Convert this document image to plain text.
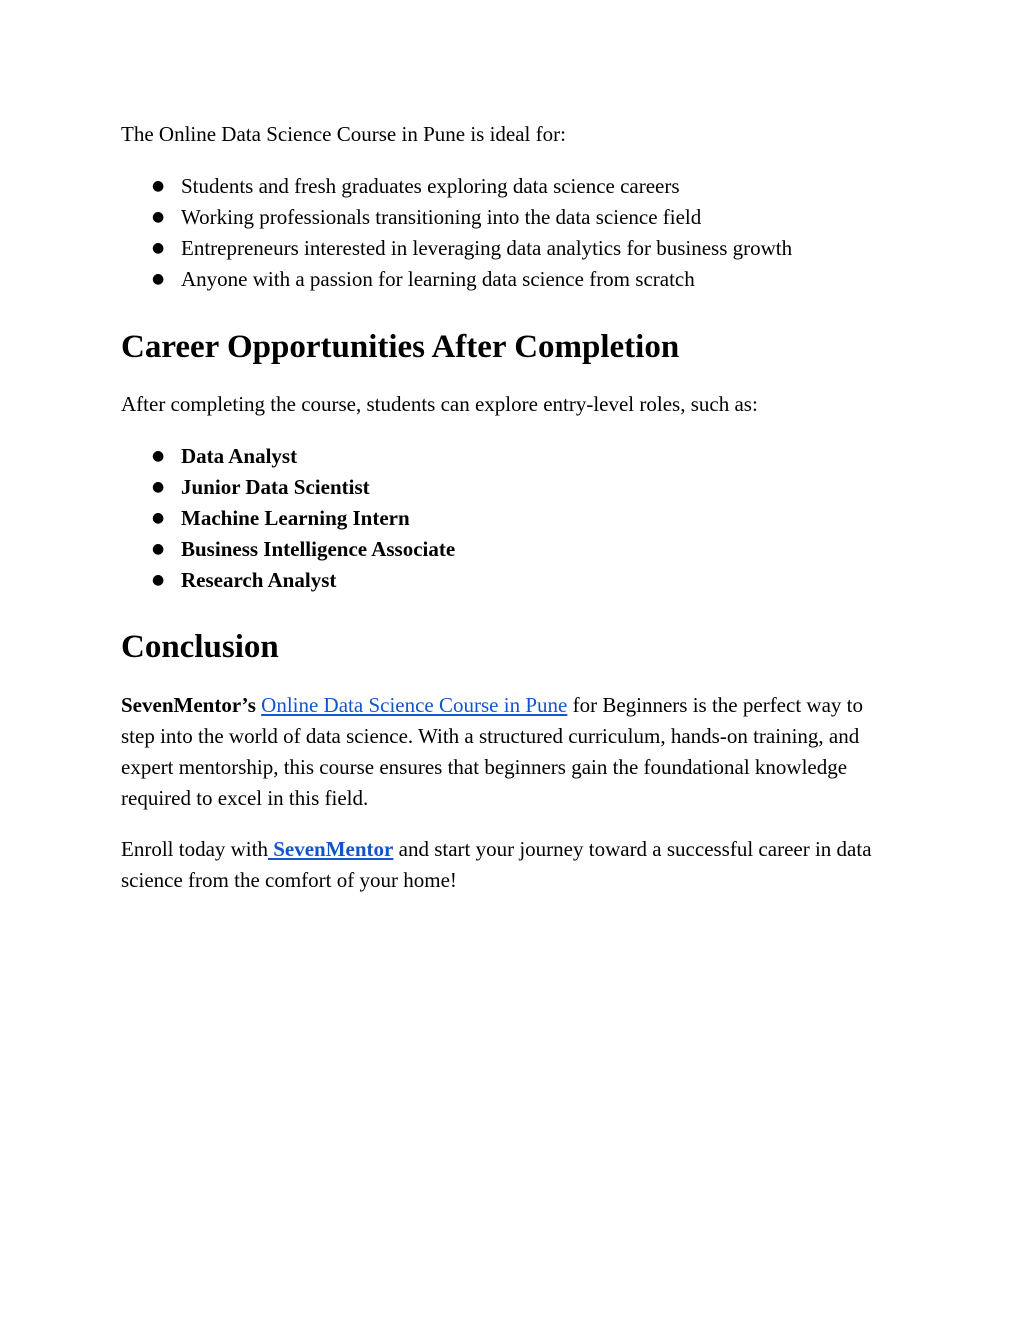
The Online Data Science Course in Pune is ideal for:

● Students and fresh graduates exploring data science careers
● Working professionals transitioning into the data science field
● Entrepreneurs interested in leveraging data analytics for business growth
● Anyone with a passion for learning data science from scratch
Career Opportunities After Completion

After completing the course, students can explore entry-level roles, such as:

● Data Analyst
● Junior Data Scientist
● Machine Learning Intern
● Business Intelligence Associate
● Research Analyst
Conclusion

SevenMentor’s Online Data Science Course in Pune for Beginners is the perfect way to step into the world of data science. With a structured curriculum, hands-on training, and expert mentorship, this course ensures that beginners gain the foundational knowledge required to excel in this field.

Enroll today with SevenMentor and start your journey toward a successful career in data science from the comfort of your home!
